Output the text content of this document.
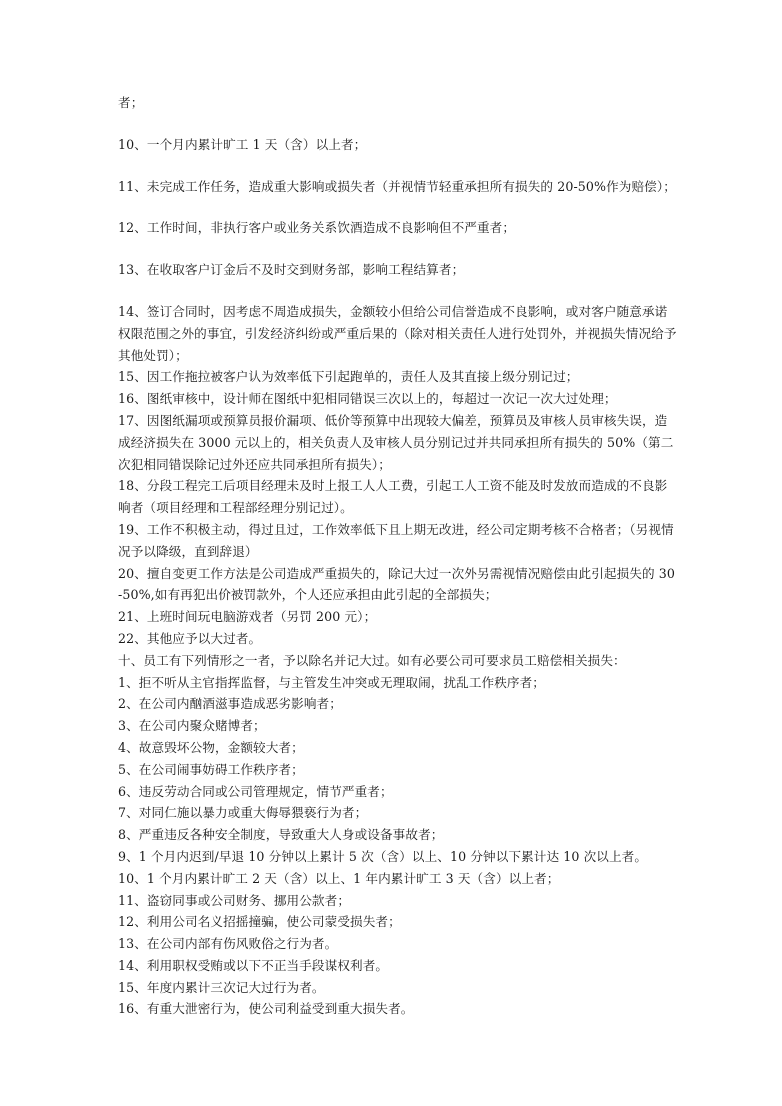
者；

10、一个月内累计旷工 1 天（含）以上者；

11、未完成工作任务，造成重大影响或损失者（并视情节轻重承担所有损失的 20-50%作为赔偿）；

12、工作时间，非执行客户或业务关系饮酒造成不良影响但不严重者；

13、在收取客户订金后不及时交到财务部，影响工程结算者；

14、签订合同时，因考虑不周造成损失，金额较小但给公司信誉造成不良影响，或对客户随意承诺权限范围之外的事宜，引发经济纠纷或严重后果的（除对相关责任人进行处罚外，并视损失情况给予其他处罚）；

15、因工作拖拉被客户认为效率低下引起跑单的，责任人及其直接上级分别记过；

16、图纸审核中，设计师在图纸中犯相同错误三次以上的，每超过一次记一次大过处理；

17、因图纸漏项或预算员报价漏项、低价等预算中出现较大偏差，预算员及审核人员审核失误，造成经济损失在 3000 元以上的，相关负责人及审核人员分别记过并共同承担所有损失的 50%（第二次犯相同错误除记过外还应共同承担所有损失）；

18、分段工程完工后项目经理未及时上报工人人工费，引起工人工资不能及时发放而造成的不良影响者（项目经理和工程部经理分别记过）。

19、工作不积极主动，得过且过，工作效率低下且上期无改进，经公司定期考核不合格者；（另视情况予以降级，直到辞退）

20、擅自变更工作方法是公司造成严重损失的，除记大过一次外另需视情况赔偿由此引起损失的 30-50%,如有再犯出价被罚款外，个人还应承担由此引起的全部损失；

21、上班时间玩电脑游戏者（另罚 200 元）；

22、其他应予以大过者。

十、员工有下列情形之一者，予以除名并记大过。如有必要公司可要求员工赔偿相关损失：

1、拒不听从主官指挥监督，与主管发生冲突或无理取闹，扰乱工作秩序者；

2、在公司内酗酒滋事造成恶劣影响者；

3、在公司内聚众赌博者；

4、故意毁坏公物，金额较大者；

5、在公司闹事妨碍工作秩序者；

6、违反劳动合同或公司管理规定，情节严重者；

7、对同仁施以暴力或重大侮辱猥亵行为者；

8、严重违反各种安全制度，导致重大人身或设备事故者；

9、1 个月内迟到/早退 10 分钟以上累计 5 次（含）以上、10 分钟以下累计达 10 次以上者。

10、1 个月内累计旷工 2 天（含）以上、1 年内累计旷工 3 天（含）以上者；

11、盗窃同事或公司财务、挪用公款者；

12、利用公司名义招摇撞骗，使公司蒙受损失者；

13、在公司内部有伤风败俗之行为者。

14、利用职权受贿或以下不正当手段谋权利者。

15、年度内累计三次记大过行为者。

16、有重大泄密行为，使公司利益受到重大损失者。
